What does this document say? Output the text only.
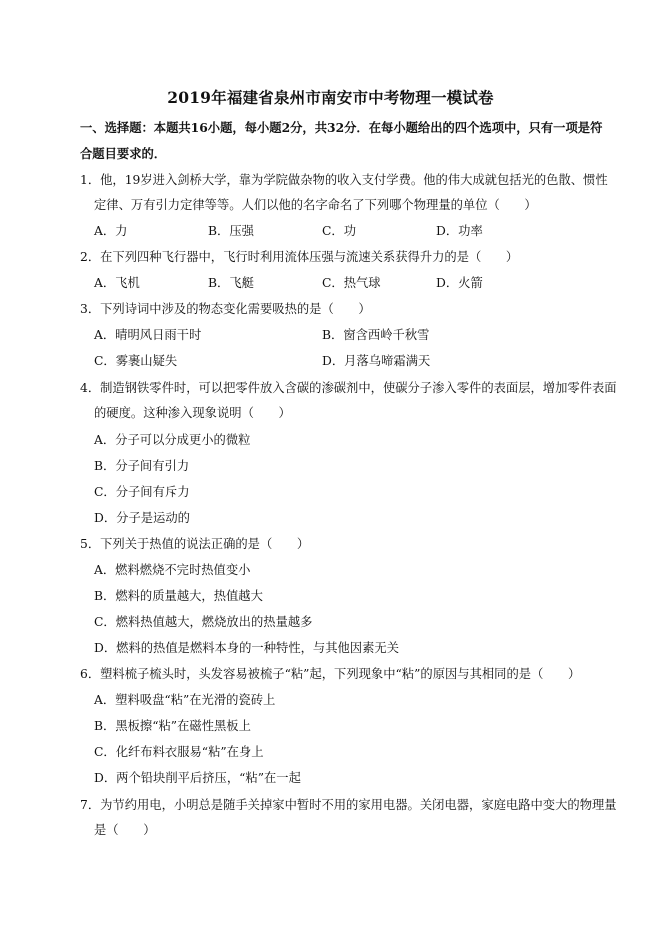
2019年福建省泉州市南安市中考物理一模试卷
一、选择题：本题共16小题，每小题2分，共32分．在每小题给出的四个选项中，只有一项是符
合题目要求的．
1．他，19岁进入剑桥大学，靠为学院做杂物的收入支付学费。他的伟大成就包括光的色散、惯性
定律、万有引力定律等等。人们以他的名字命名了下列哪个物理量的单位（　　）
A．力	B．压强	C．功	D．功率
2．在下列四种飞行器中，飞行时利用流体压强与流速关系获得升力的是（　　）
A．飞机	B．飞艇	C．热气球	D．火箭
3．下列诗词中涉及的物态变化需要吸热的是（　　）
A．晴明风日雨干时	B．窗含西岭千秋雪
C．雾裹山疑失	D．月落乌啼霜满天
4．制造钢铁零件时，可以把零件放入含碳的渗碳剂中，使碳分子渗入零件的表面层，增加零件表面
的硬度。这种渗入现象说明（　　）
A．分子可以分成更小的微粒
B．分子间有引力
C．分子间有斥力
D．分子是运动的
5．下列关于热值的说法正确的是（　　）
A．燃料燃烧不完时热值变小
B．燃料的质量越大，热值越大
C．燃料热值越大，燃烧放出的热量越多
D．燃料的热值是燃料本身的一种特性，与其他因素无关
6．塑料梳子梳头时，头发容易被梳子“粘”起，下列现象中“粘”的原因与其相同的是（　　）
A．塑料吸盘“粘”在光滑的瓷砖上
B．黑板擦“粘”在磁性黑板上
C．化纤布料衣服易“粘”在身上
D．两个铅块削平后挤压，“粘”在一起
7．为节约用电，小明总是随手关掉家中暂时不用的家用电器。关闭电器，家庭电路中变大的物理量
是（　　）
